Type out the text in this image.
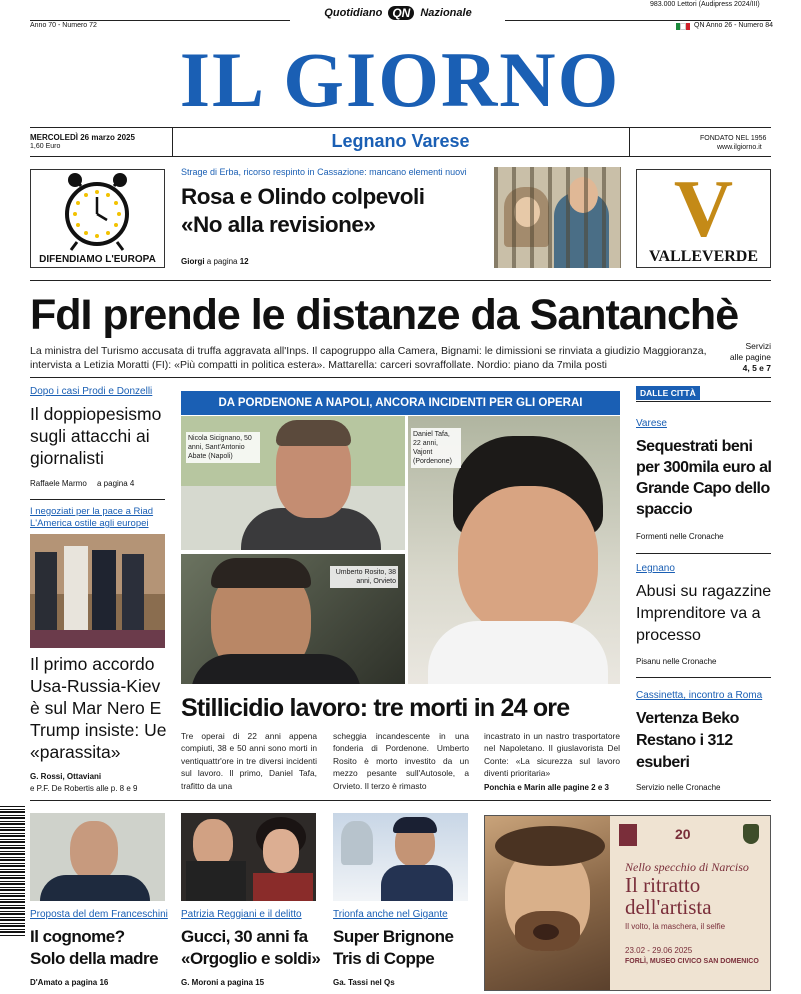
Anno 70 - Numero 72
Quotidiano QN Nazionale
983.000 Lettori (Audipress 2024/III)
QN Anno 26 - Numero 84
IL GIORNO
MERCOLEDÌ 26 marzo 2025
1,60 Euro	Legnano Varese	FONDATO NEL 1956
www.ilgiorno.it
DIFENDIAMO L'EUROPA
Strage di Erba, ricorso respinto in Cassazione: mancano elementi nuovi
Rosa e Olindo colpevoli
«No alla revisione»
Giorgi a pagina 12
V
VALLEVERDE
FdI prende le distanze da Santanchè
La ministra del Turismo accusata di truffa aggravata all'Inps. Il capogruppo alla Camera, Bignami: le dimissioni se rinviata a giudizio Maggioranza, intervista a Letizia Moratti (FI): «Più compatti in politica estera». Mattarella: carceri sovraffollate. Nordio: piano da 7mila posti
Servizi
alle pagine
4, 5 e 7
Dopo i casi Prodi e Donzelli
Il doppiopesismo sugli attacchi ai giornalisti
Raffaele Marmo a pagina 4
I negoziati per la pace a Riad
L'America ostile agli europei
Il primo accordo Usa-Russia-Kiev è sul Mar Nero E Trump insiste: Ue «parassita»
G. Rossi, Ottaviani
e P.F. De Robertis alle p. 8 e 9
DA PORDENONE A NAPOLI, ANCORA INCIDENTI PER GLI OPERAI
Nicola Sicignano, 50 anni, Sant'Antonio Abate (Napoli)
Daniel Tafa, 22 anni, Vajont (Pordenone)
Umberto Rosito, 38 anni, Orvieto
Stillicidio lavoro: tre morti in 24 ore
Tre operai di 22 anni appena compiuti, 38 e 50 anni sono morti in ventiquattr'ore in tre diversi incidenti sul lavoro. Il primo, Daniel Tafa, trafitto da una
scheggia incandescente in una fonderia di Pordenone. Umberto Rosito è morto investito da un mezzo pesante sull'Autosole, a Orvieto. Il terzo è rimasto
incastrato in un nastro trasportatore nel Napoletano. Il giuslavorista Del Conte: «La sicurezza sul lavoro diventi prioritaria»
Ponchia e Marin alle pagine 2 e 3
DALLE CITTÀ
Varese
Sequestrati beni per 300mila euro al Grande Capo dello spaccio
Formenti nelle Cronache
Legnano
Abusi su ragazzine Imprenditore va a processo
Pisanu nelle Cronache
Cassinetta, incontro a Roma
Vertenza Beko Restano i 312 esuberi
Servizio nelle Cronache
Proposta del dem Franceschini
Il cognome?
Solo della madre
D'Amato a pagina 16
Patrizia Reggiani e il delitto
Gucci, 30 anni fa
«Orgoglio e soldi»
G. Moroni a pagina 15
Trionfa anche nel Gigante
Super Brignone
Tris di Coppe
Ga. Tassi nel Qs
20
Nello specchio di Narciso
Il ritratto
dell'artista
Il volto, la maschera, il selfie
23.02 - 29.06 2025
FORLÌ, MUSEO CIVICO SAN DOMENICO
